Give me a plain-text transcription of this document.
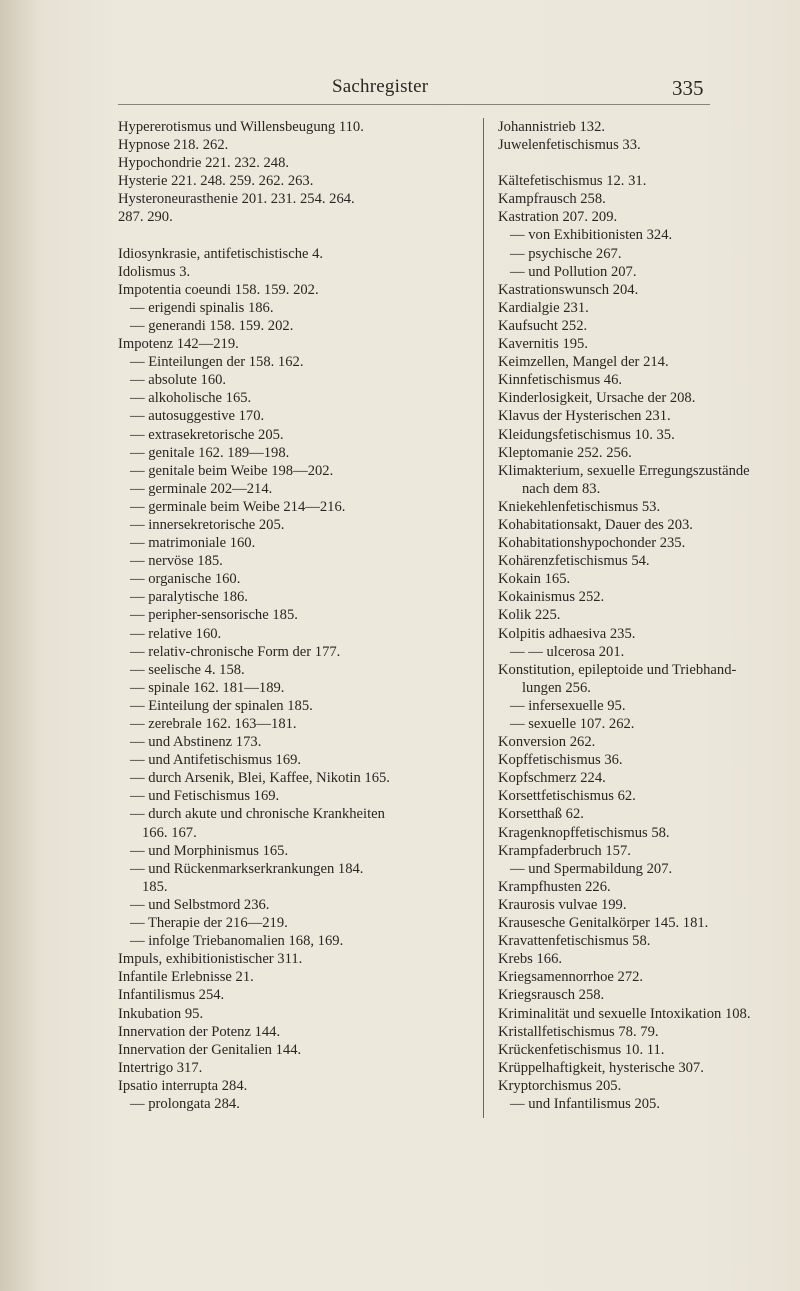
Sachregister	335
Hypererotismus und Willensbeugung 110.
Hypnose 218. 262.
Hypochondrie 221. 232. 248.
Hysterie 221. 248. 259. 262. 263.
Hysteroneurasthenie 201. 231. 254. 264.
287. 290.
Idiosynkrasie, antifetischistische 4.
Idolismus 3.
Impotentia coeundi 158. 159. 202.
— erigendi spinalis 186.
— generandi 158. 159. 202.
Impotenz 142—219.
— Einteilungen der 158. 162.
— absolute 160.
— alkoholische 165.
— autosuggestive 170.
— extrasekretorische 205.
— genitale 162. 189—198.
— genitale beim Weibe 198—202.
— germinale 202—214.
— germinale beim Weibe 214—216.
— innersekretorische 205.
— matrimoniale 160.
— nervöse 185.
— organische 160.
— paralytische 186.
— peripher-sensorische 185.
— relative 160.
— relativ-chronische Form der 177.
— seelische 4. 158.
— spinale 162. 181—189.
— Einteilung der spinalen 185.
— zerebrale 162. 163—181.
— und Abstinenz 173.
— und Antifetischismus 169.
— durch Arsenik, Blei, Kaffee, Nikotin 165.
— und Fetischismus 169.
— durch akute und chronische Krankheiten
166. 167.
— und Morphinismus 165.
— und Rückenmarkserkrankungen 184.
185.
— und Selbstmord 236.
— Therapie der 216—219.
— infolge Triebanomalien 168, 169.
Impuls, exhibitionistischer 311.
Infantile Erlebnisse 21.
Infantilismus 254.
Inkubation 95.
Innervation der Potenz 144.
Innervation der Genitalien 144.
Intertrigo 317.
Ipsatio interrupta 284.
— prolongata 284.
Johannistrieb 132.
Juwelenfetischismus 33.
Kältefetischismus 12. 31.
Kampfrausch 258.
Kastration 207. 209.
— von Exhibitionisten 324.
— psychische 267.
— und Pollution 207.
Kastrationswunsch 204.
Kardialgie 231.
Kaufsucht 252.
Kavernitis 195.
Keimzellen, Mangel der 214.
Kinnfetischismus 46.
Kinderlosigkeit, Ursache der 208.
Klavus der Hysterischen 231.
Kleidungsfetischismus 10. 35.
Kleptomanie 252. 256.
Klimakterium, sexuelle Erregungszustände
nach dem 83.
Kniekehlenfetischismus 53.
Kohabitationsakt, Dauer des 203.
Kohabitationshypochonder 235.
Kohärenzfetischismus 54.
Kokain 165.
Kokainismus 252.
Kolik 225.
Kolpitis adhaesiva 235.
— — ulcerosa 201.
Konstitution, epileptoide und Triebhand-
lungen 256.
— infersexuelle 95.
— sexuelle 107. 262.
Konversion 262.
Kopffetischismus 36.
Kopfschmerz 224.
Korsettfetischismus 62.
Korsetthaß 62.
Kragenknopffetischismus 58.
Krampfaderbruch 157.
— und Spermabildung 207.
Krampfhusten 226.
Kraurosis vulvae 199.
Krausesche Genitalkörper 145. 181.
Kravattenfetischismus 58.
Krebs 166.
Kriegsamennorrhoe 272.
Kriegsrausch 258.
Kriminalität und sexuelle Intoxikation 108.
Kristallfetischismus 78. 79.
Krückenfetischismus 10. 11.
Krüppelhaftigkeit, hysterische 307.
Kryptorchismus 205.
— und Infantilismus 205.
